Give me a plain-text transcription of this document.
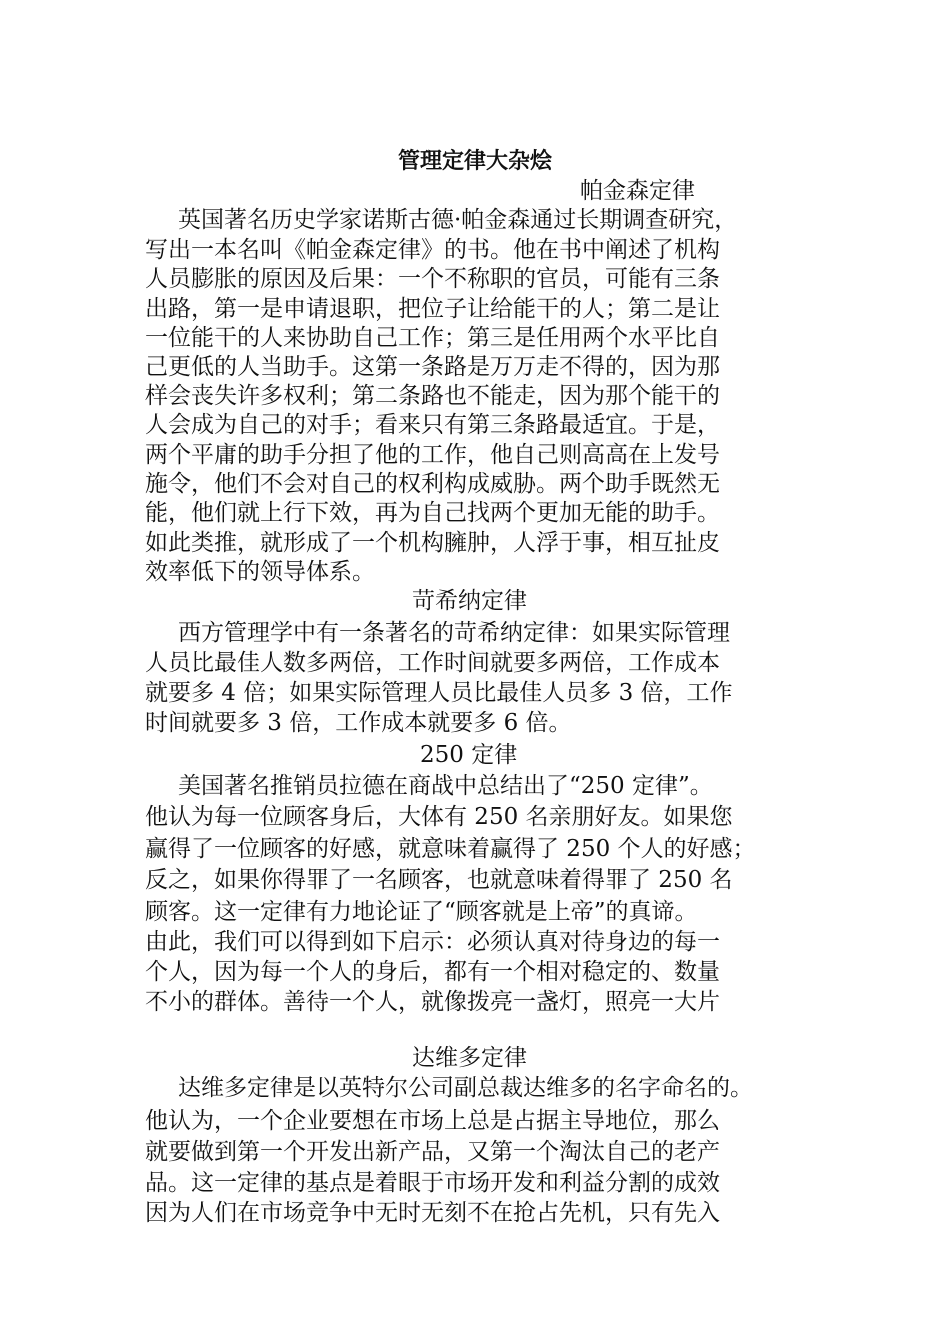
管理定律大杂烩
帕金森定律
英国著名历史学家诺斯古德·帕金森通过长期调查研究，
写出一本名叫《帕金森定律》的书。他在书中阐述了机构
人员膨胀的原因及后果：一个不称职的官员，可能有三条
出路，第一是申请退职，把位子让给能干的人；第二是让
一位能干的人来协助自己工作；第三是任用两个水平比自
己更低的人当助手。这第一条路是万万走不得的，因为那
样会丧失许多权利；第二条路也不能走，因为那个能干的
人会成为自己的对手；看来只有第三条路最适宜。于是，
两个平庸的助手分担了他的工作，他自己则高高在上发号
施令，他们不会对自己的权利构成威胁。两个助手既然无
能，他们就上行下效，再为自己找两个更加无能的助手。
如此类推，就形成了一个机构臃肿，人浮于事，相互扯皮
效率低下的领导体系。
苛希纳定律
西方管理学中有一条著名的苛希纳定律：如果实际管理
人员比最佳人数多两倍，工作时间就要多两倍，工作成本
就要多 4 倍；如果实际管理人员比最佳人员多 3 倍，工作
时间就要多 3 倍，工作成本就要多 6 倍。
250 定律
美国著名推销员拉德在商战中总结出了“250 定律”。
他认为每一位顾客身后，大体有 250 名亲朋好友。如果您
赢得了一位顾客的好感，就意味着赢得了 250 个人的好感；
反之，如果你得罪了一名顾客，也就意味着得罪了 250 名
顾客。这一定律有力地论证了“顾客就是上帝”的真谛。
由此，我们可以得到如下启示：必须认真对待身边的每一
个人，因为每一个人的身后，都有一个相对稳定的、数量
不小的群体。善待一个人，就像拨亮一盏灯，照亮一大片
达维多定律
达维多定律是以英特尔公司副总裁达维多的名字命名的。
他认为，一个企业要想在市场上总是占据主导地位，那么
就要做到第一个开发出新产品，又第一个淘汰自己的老产
品。这一定律的基点是着眼于市场开发和利益分割的成效
因为人们在市场竞争中无时无刻不在抢占先机，只有先入
